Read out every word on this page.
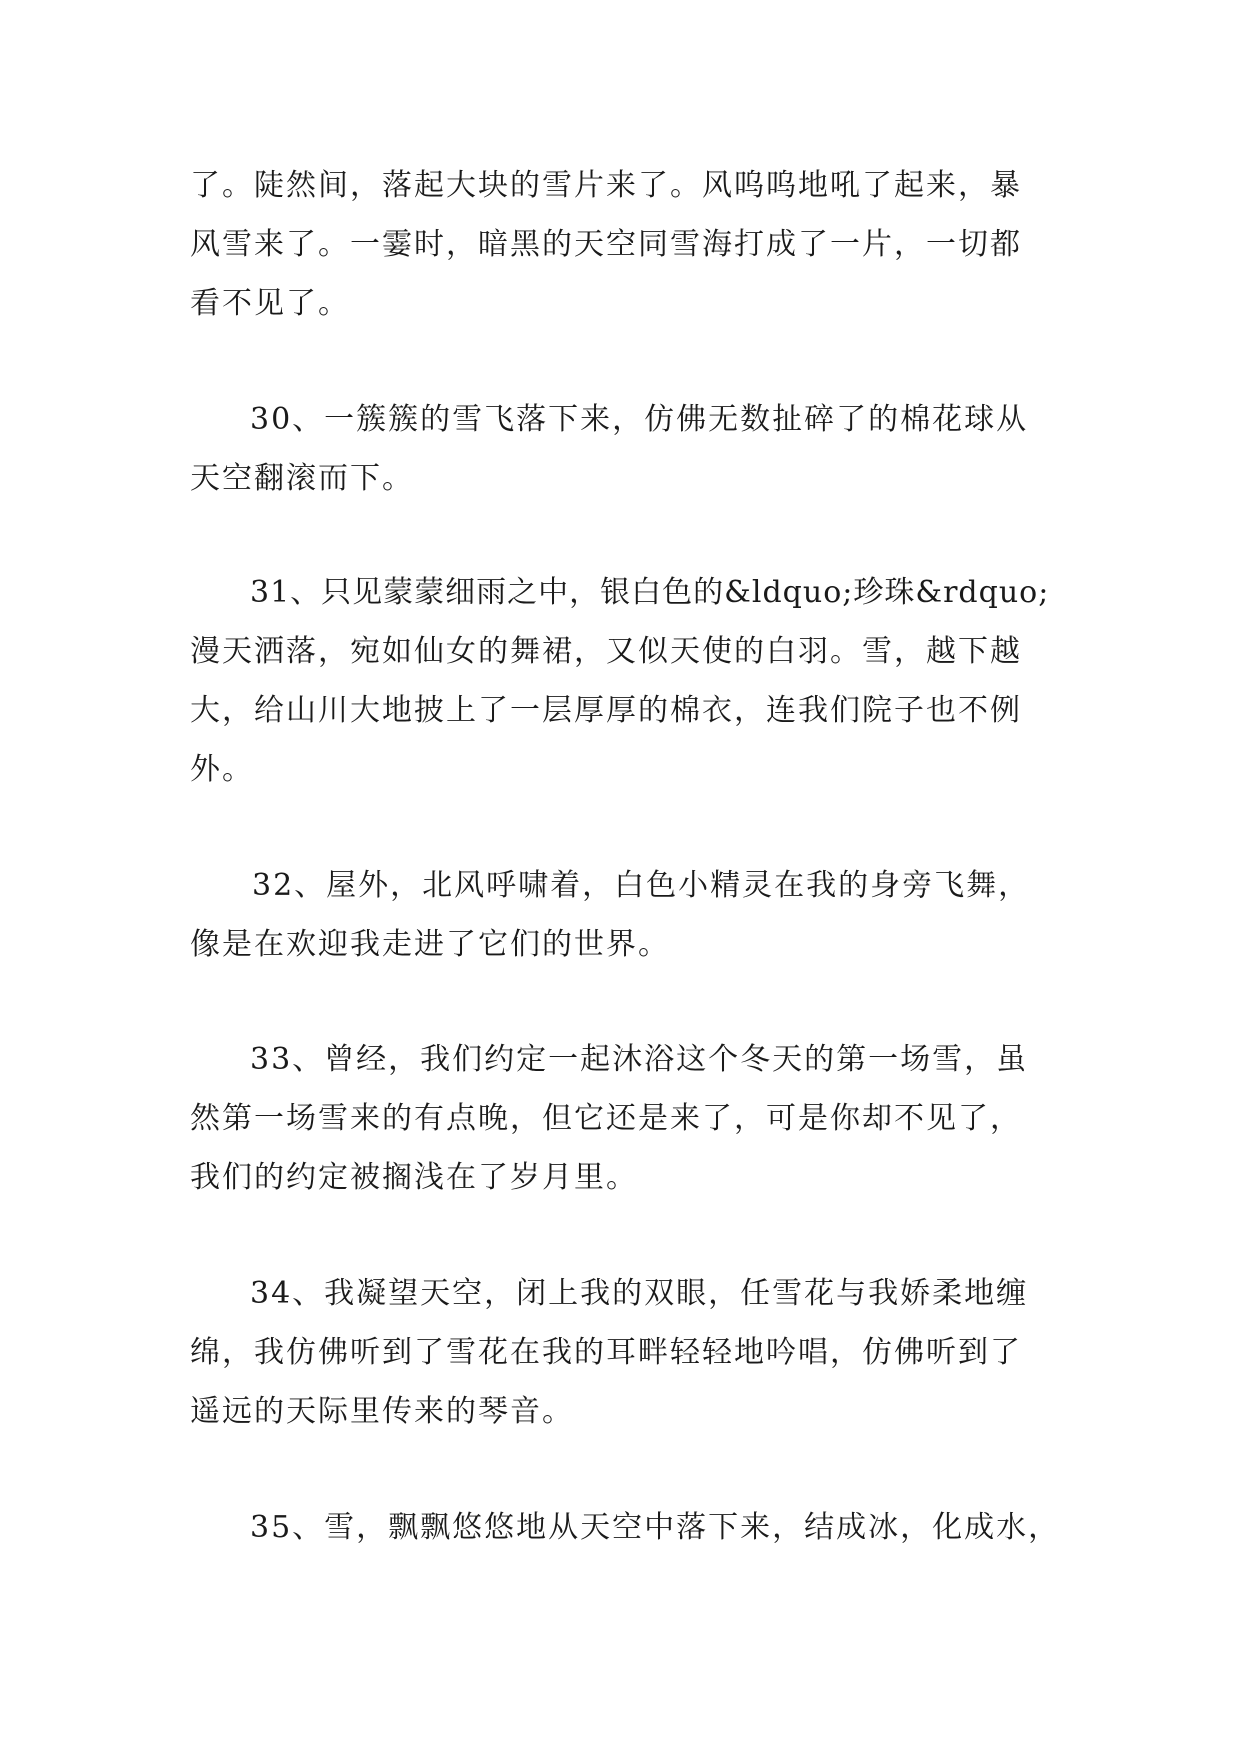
了。陡然间，落起大块的雪片来了。风呜呜地吼了起来，暴
风雪来了。一霎时，暗黑的天空同雪海打成了一片，一切都
看不见了。
30、一簇簇的雪飞落下来，仿佛无数扯碎了的棉花球从
天空翻滚而下。
31、只见蒙蒙细雨之中，银白色的&ldquo;珍珠&rdquo;
漫天洒落，宛如仙女的舞裙，又似天使的白羽。雪，越下越
大，给山川大地披上了一层厚厚的棉衣，连我们院子也不例
外。
32、屋外，北风呼啸着，白色小精灵在我的身旁飞舞，
像是在欢迎我走进了它们的世界。
33、曾经，我们约定一起沐浴这个冬天的第一场雪，虽
然第一场雪来的有点晚，但它还是来了，可是你却不见了，
我们的约定被搁浅在了岁月里。
34、我凝望天空，闭上我的双眼，任雪花与我娇柔地缠
绵，我仿佛听到了雪花在我的耳畔轻轻地吟唱，仿佛听到了
遥远的天际里传来的琴音。
35、雪，飘飘悠悠地从天空中落下来，结成冰，化成水，
